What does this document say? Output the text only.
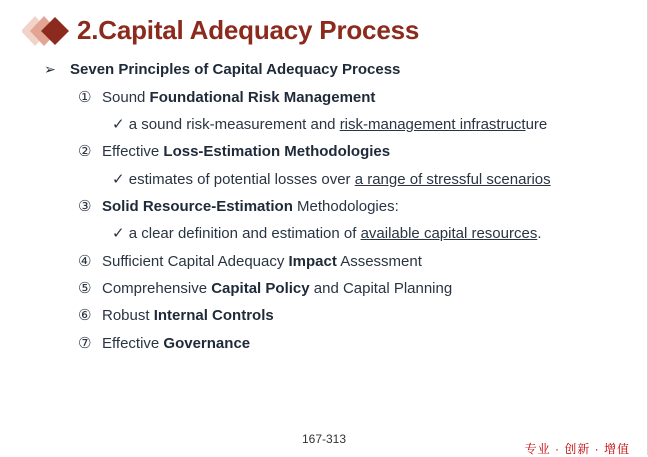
2.Capital Adequacy Process
➢ Seven Principles of Capital Adequacy Process
① Sound Foundational Risk Management
✓ a sound risk-measurement and risk-management infrastructure
② Effective Loss-Estimation Methodologies
✓ estimates of potential losses over a range of stressful scenarios
③ Solid Resource-Estimation Methodologies:
✓ a clear definition and estimation of available capital resources.
④ Sufficient Capital Adequacy Impact Assessment
⑤ Comprehensive Capital Policy and Capital Planning
⑥ Robust Internal Controls
⑦ Effective Governance
167-313
专业 · 创新 · 增值
